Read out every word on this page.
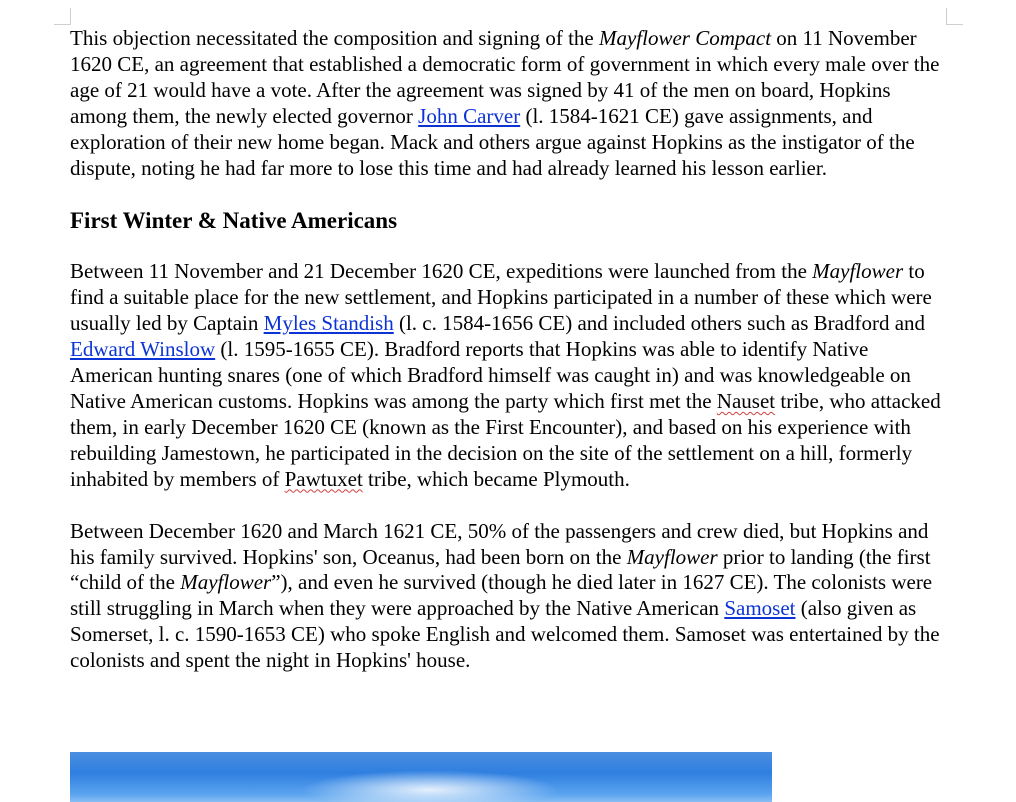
This objection necessitated the composition and signing of the Mayflower Compact on 11 November 1620 CE, an agreement that established a democratic form of government in which every male over the age of 21 would have a vote. After the agreement was signed by 41 of the men on board, Hopkins among them, the newly elected governor John Carver (l. 1584-1621 CE) gave assignments, and exploration of their new home began. Mack and others argue against Hopkins as the instigator of the dispute, noting he had far more to lose this time and had already learned his lesson earlier.

First Winter & Native Americans

Between 11 November and 21 December 1620 CE, expeditions were launched from the Mayflower to find a suitable place for the new settlement, and Hopkins participated in a number of these which were usually led by Captain Myles Standish (l. c. 1584-1656 CE) and included others such as Bradford and Edward Winslow (l. 1595-1655 CE). Bradford reports that Hopkins was able to identify Native American hunting snares (one of which Bradford himself was caught in) and was knowledgeable on Native American customs. Hopkins was among the party which first met the Nauset tribe, who attacked them, in early December 1620 CE (known as the First Encounter), and based on his experience with rebuilding Jamestown, he participated in the decision on the site of the settlement on a hill, formerly inhabited by members of Pawtuxet tribe, which became Plymouth.

Between December 1620 and March 1621 CE, 50% of the passengers and crew died, but Hopkins and his family survived. Hopkins' son, Oceanus, had been born on the Mayflower prior to landing (the first “child of the Mayflower”), and even he survived (though he died later in 1627 CE). The colonists were still struggling in March when they were approached by the Native American Samoset (also given as Somerset, l. c. 1590-1653 CE) who spoke English and welcomed them. Samoset was entertained by the colonists and spent the night in Hopkins' house.
